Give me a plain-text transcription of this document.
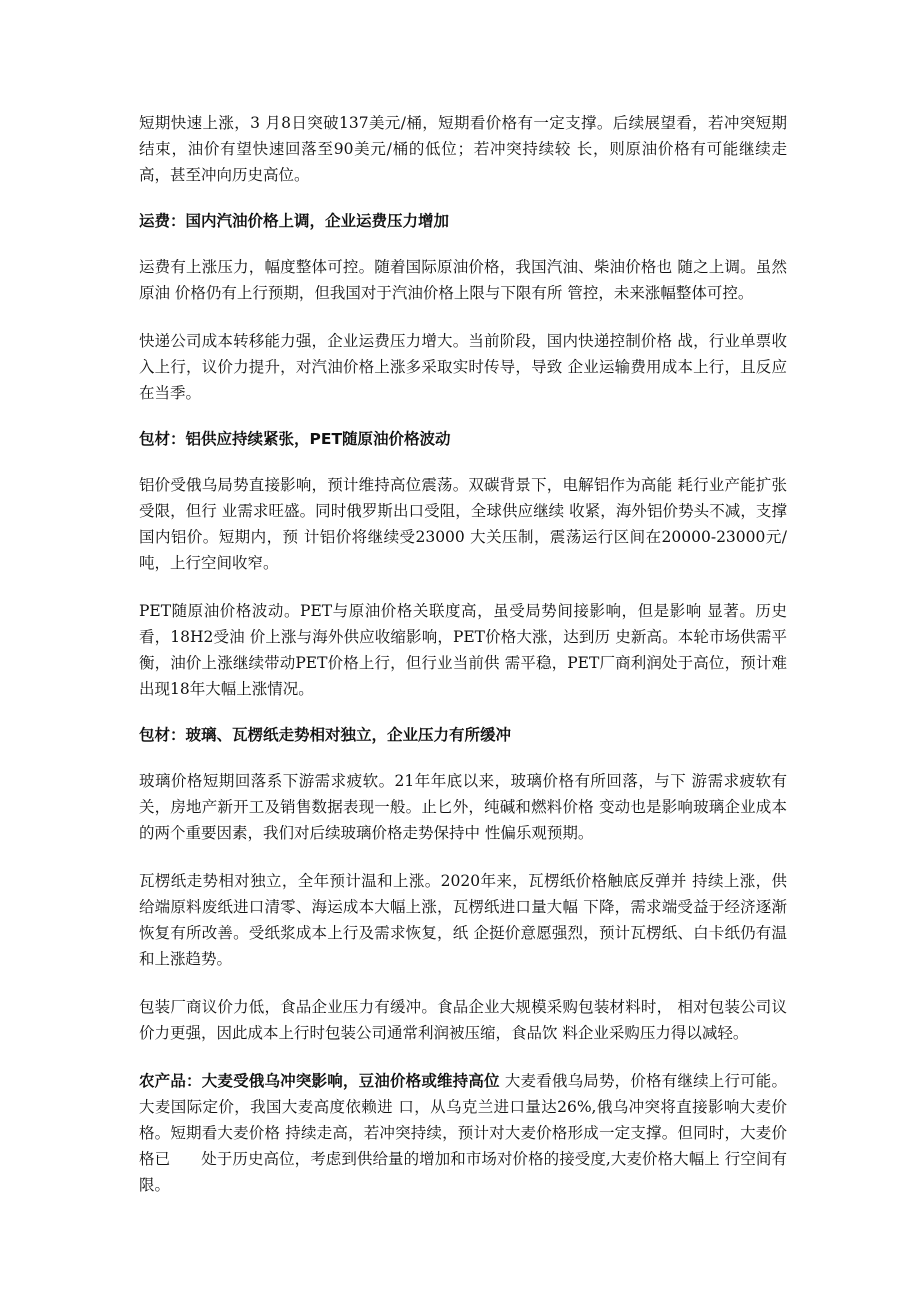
短期快速上涨，3 月8日突破137美元/桶，短期看价格有一定支撑。后续展望看，若冲突短期 结束，油价有望快速回落至90美元/桶的低位；若冲突持续较 长，则原油价格有可能继续走高，甚至冲向历史高位。

运费：国内汽油价格上调，企业运费压力增加

运费有上涨压力，幅度整体可控。随着国际原油价格，我国汽油、柴油价格也 随之上调。虽然原油 价格仍有上行预期，但我国对于汽油价格上限与下限有所 管控，未来涨幅整体可控。

快递公司成本转移能力强，企业运费压力增大。当前阶段，国内快递控制价格 战，行业单票收入上行，议价力提升，对汽油价格上涨多采取实时传导，导致 企业运输费用成本上行，且反应在当季。

包材：铝供应持续紧张，PET随原油价格波动

铝价受俄乌局势直接影响，预计维持高位震荡。双碳背景下，电解铝作为高能 耗行业产能扩张受限，但行 业需求旺盛。同时俄罗斯出口受阻，全球供应继续 收紧，海外铝价势头不减，支撑国内铝价。短期内，预 计铝价将继续受23000 大关压制，震荡运行区间在20000-23000元/吨，上行空间收窄。

PET随原油价格波动。PET与原油价格关联度高，虽受局势间接影响，但是影响 显著。历史看，18H2受油 价上涨与海外供应收缩影响，PET价格大涨，达到历 史新高。本轮市场供需平衡，油价上涨继续带动PET价格上行，但行业当前供 需平稳，PET厂商利润处于高位，预计难出现18年大幅上涨情况。

包材：玻璃、瓦楞纸走势相对独立，企业压力有所缓冲

玻璃价格短期回落系下游需求疲软。21年年底以来，玻璃价格有所回落，与下 游需求疲软有关，房地产新开工及销售数据表现一般。止匕外，纯碱和燃料价格 变动也是影响玻璃企业成本的两个重要因素，我们对后续玻璃价格走势保持中 性偏乐观预期。

瓦楞纸走势相对独立，全年预计温和上涨。2020年来，瓦楞纸价格触底反弹并 持续上涨，供给端原料废纸进口清零、海运成本大幅上涨，瓦楞纸进口量大幅 下降，需求端受益于经济逐渐恢复有所改善。受纸浆成本上行及需求恢复，纸 企挺价意愿强烈，预计瓦楞纸、白卡纸仍有温和上涨趋势。

包装厂商议价力低，食品企业压力有缓冲。食品企业大规模采购包装材料时， 相对包装公司议价力更强，因此成本上行时包装公司通常利润被压缩，食品饮 料企业采购压力得以减轻。

农产品：大麦受俄乌冲突影响，豆油价格或维持高位 大麦看俄乌局势，价格有继续上行可能。大麦国际定价，我国大麦高度依赖进 口，从乌克兰进口量达26%,俄乌冲突将直接影响大麦价格。短期看大麦价格 持续走高，若冲突持续，预计对大麦价格形成一定支撑。但同时，大麦价格已　　处于历史高位，考虑到供给量的增加和市场对价格的接受度,大麦价格大幅上 行空间有限。
